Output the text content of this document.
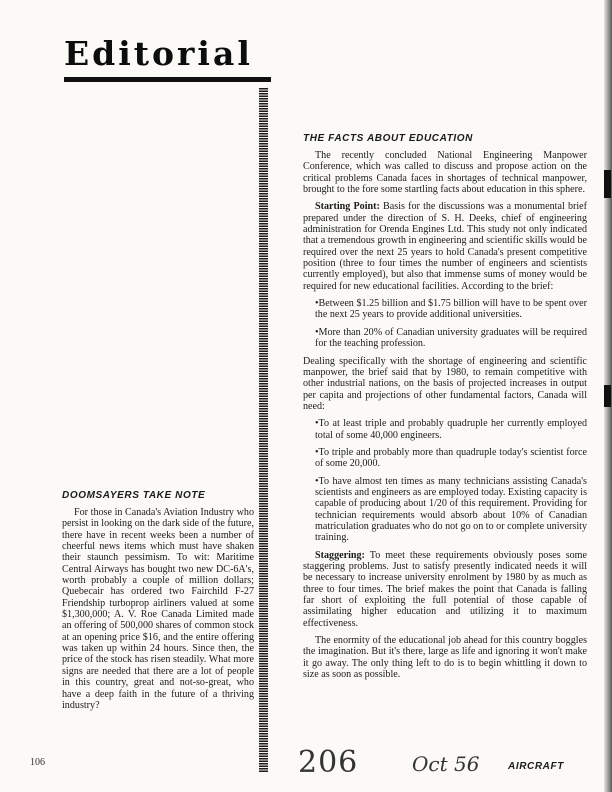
Editorial
DOOMSAYERS TAKE NOTE

For those in Canada's Aviation Industry who persist in looking on the dark side of the future, there have in recent weeks been a number of cheerful news items which must have shaken their staunch pessimism. To wit: Maritime Central Airways has bought two new DC-6A's, worth probably a couple of million dollars; Quebecair has ordered two Fairchild F-27 Friendship turboprop airliners valued at some $1,300,000; A. V. Roe Canada Limited made an offering of 500,000 shares of common stock at an opening price $16, and the entire offering was taken up within 24 hours. Since then, the price of the stock has risen steadily. What more signs are needed that there are a lot of people in this country, great and not-so-great, who have a deep faith in the future of a thriving industry?

THE FACTS ABOUT EDUCATION

The recently concluded National Engineering Manpower Conference, which was called to discuss and propose action on the critical problems Canada faces in shortages of technical manpower, brought to the fore some startling facts about education in this sphere.

Starting Point: Basis for the discussions was a monumental brief prepared under the direction of S. H. Deeks, chief of engineering administration for Orenda Engines Ltd. This study not only indicated that a tremendous growth in engineering and scientific skills would be required over the next 25 years to hold Canada's present competitive position (three to four times the number of engineers and scientists currently employed), but also that immense sums of money would be required for new educational facilities. According to the brief:

•Between $1.25 billion and $1.75 billion will have to be spent over the next 25 years to provide additional universities.

•More than 20% of Canadian university graduates will be required for the teaching profession.

Dealing specifically with the shortage of engineering and scientific manpower, the brief said that by 1980, to remain competitive with other industrial nations, on the basis of projected increases in output per capita and projections of other fundamental factors, Canada will need:

•To at least triple and probably quadruple her currently employed total of some 40,000 engineers.

•To triple and probably more than quadruple today's scientist force of some 20,000.

•To have almost ten times as many technicians assisting Canada's scientists and engineers as are employed today. Existing capacity is capable of producing about 1/20 of this requirement. Providing for technician requirements would absorb about 10% of Canadian matriculation graduates who do not go on to or complete university training.

Staggering: To meet these requirements obviously poses some staggering problems. Just to satisfy presently indicated needs it will be necessary to increase university enrolment by 1980 by as much as three to four times. The brief makes the point that Canada is falling far short of exploiting the full potential of those capable of assimilating higher education and utilizing it to maximum effectiveness.

The enormity of the educational job ahead for this country boggles the imagination. But it's there, large as life and ignoring it won't make it go away. The only thing left to do is to begin whittling it down to size as soon as possible.

106	206	Oct 56	AIRCRAFT
